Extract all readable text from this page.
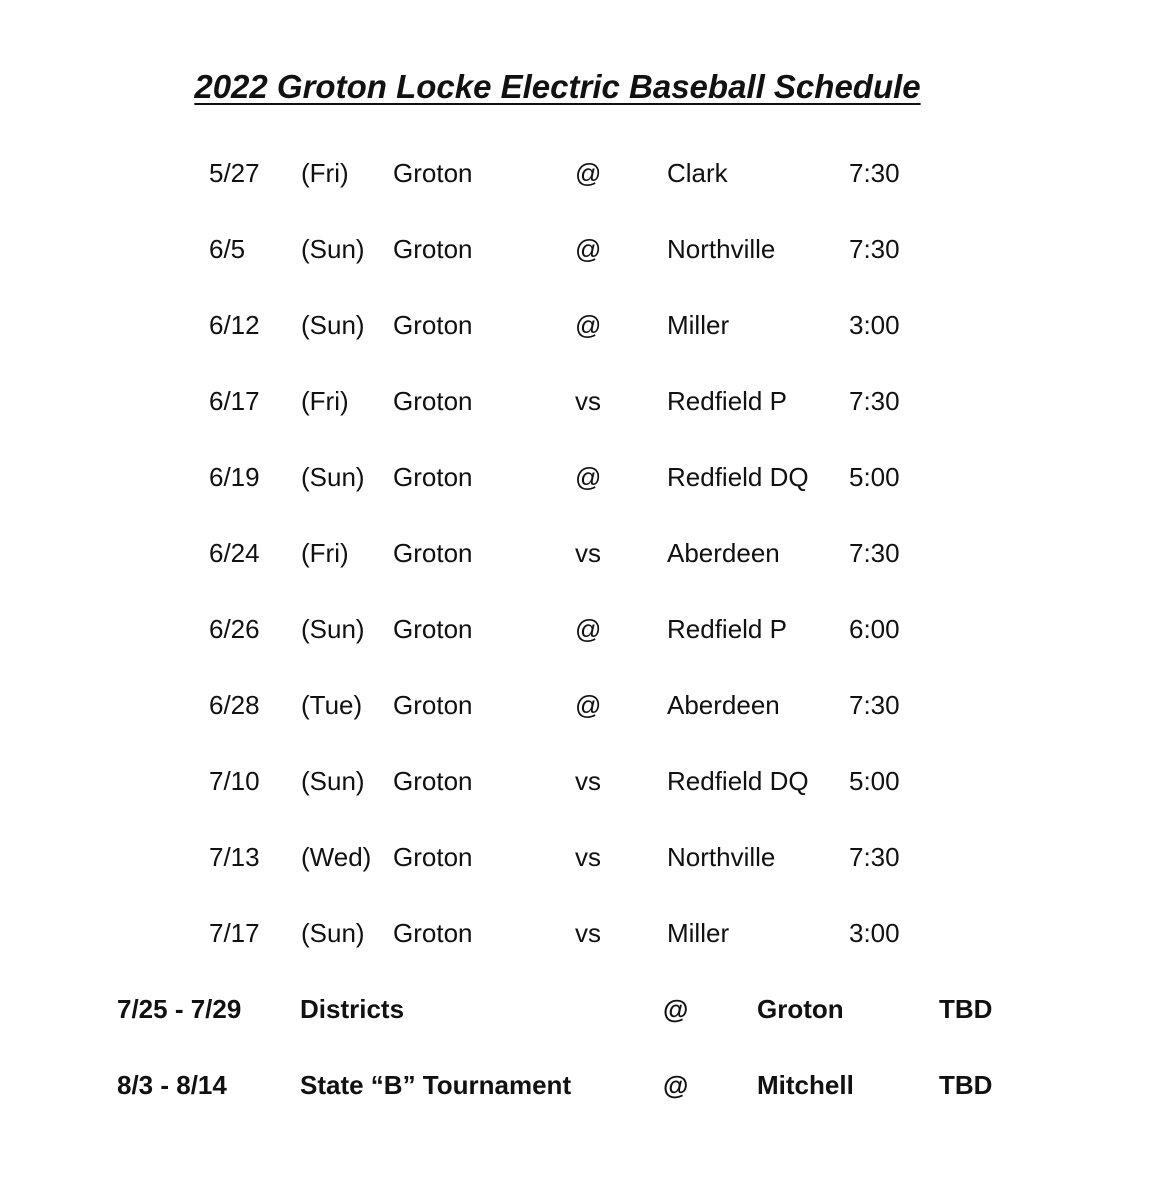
2022 Groton Locke Electric Baseball Schedule
5/27 (Fri) Groton	@	Clark	7:30
6/5 (Sun) Groton	@	Northville	7:30
6/12 (Sun) Groton	@	Miller	3:00
6/17 (Fri) Groton	vs	Redfield P 7:30
6/19 (Sun) Groton	@	Redfield DQ 5:00
6/24 (Fri) Groton	vs	Aberdeen	7:30
6/26 (Sun) Groton	@	Redfield P 6:00
6/28 (Tue) Groton	@	Aberdeen	7:30
7/10 (Sun) Groton	vs	Redfield DQ 5:00
7/13 (Wed) Groton	vs	Northville	7:30
7/17 (Sun) Groton	vs	Miller	3:00
7/25 - 7/29 Districts	@	Groton	TBD
8/3 - 8/14	State “B” Tournament	@	Mitchell	TBD
